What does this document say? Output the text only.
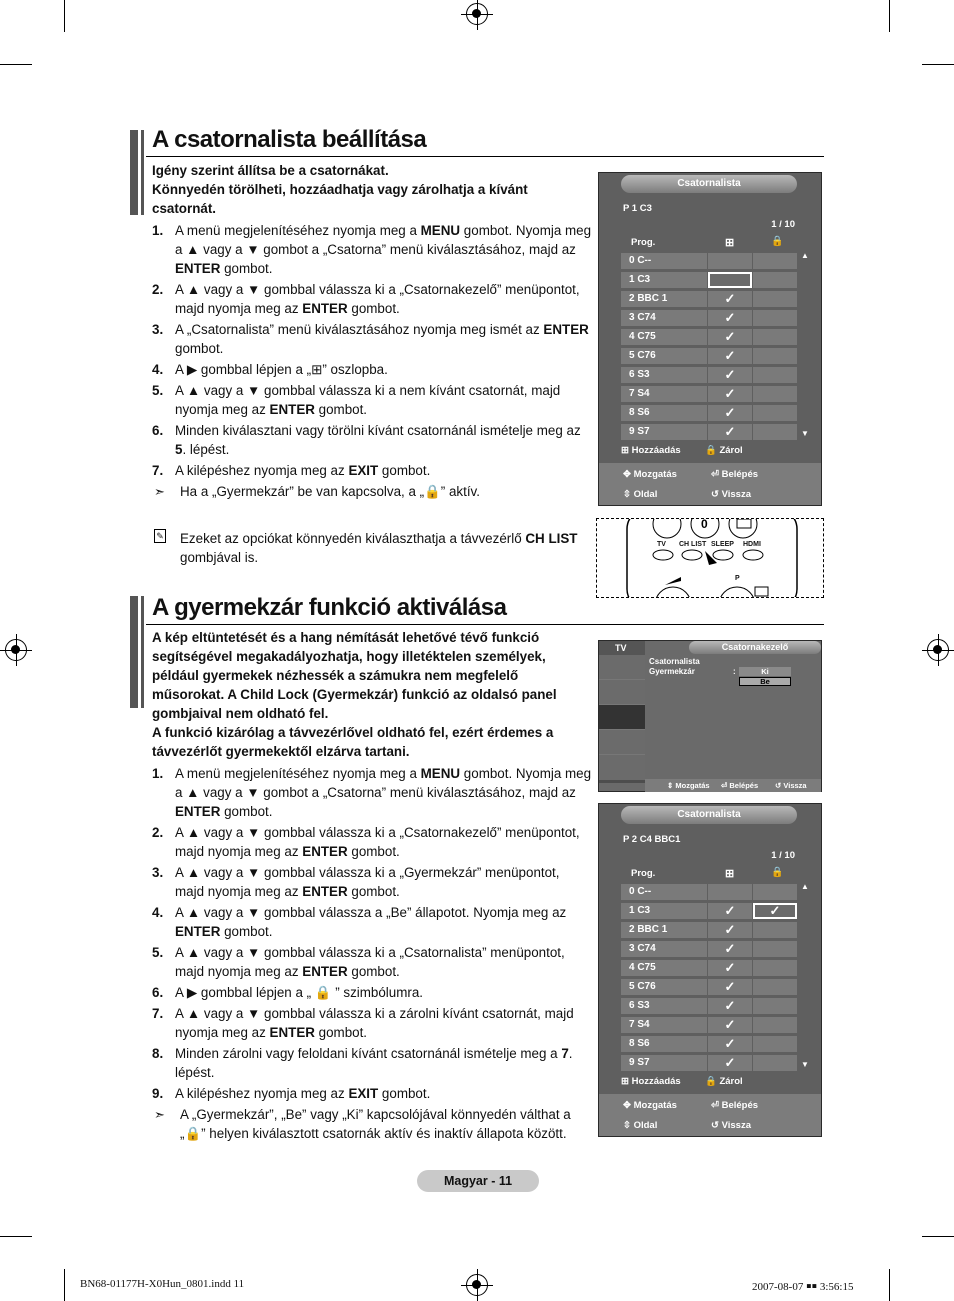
A csatornalista beállítása
Igény szerint állítsa be a csatornákat.
Könnyedén törölheti, hozzáadhatja vagy zárolhatja a kívánt csatornát.
1. A menü megjelenítéséhez nyomja meg a MENU gombot. Nyomja meg a ▲ vagy a ▼ gombot a „Csatorna” menü kiválasztásához, majd az ENTER gombot.
2. A ▲ vagy a ▼ gombbal válassza ki a „Csatornakezelő” menüpontot, majd nyomja meg az ENTER gombot.
3. A „Csatornalista” menü kiválasztásához nyomja meg ismét az ENTER gombot.
4. A ▶ gombbal lépjen a „⊞” oszlopba.
5. A ▲ vagy a ▼ gombbal válassza ki a nem kívánt csatornát, majd nyomja meg az ENTER gombot.
6. Minden kiválasztani vagy törölni kívánt csatornánál ismételje meg az 5. lépést.
7. A kilépéshez nyomja meg az EXIT gombot.
➣ Ha a „Gyermekzár” be van kapcsolva, a „🔒” aktív.
✎ Ezeket az opciókat könnyedén kiválaszthatja a távvezérlő CH LIST gombjával is.
Csatornalista
P 1 C3
1 / 10
Prog.	⊞	🔒
▲
▼
0 C--
1 C3
2 BBC 1	✓
3 C74	✓
4 C75	✓
5 C76	✓
6 S3	✓
7 S4	✓
8 S6	✓
9 S7	✓
⊞ Hozzáadás	🔒 Zárol
✥ Mozgatás	⏎ Belépés
⇳ Oldal	↺ Vissza
0
TV CH LIST SLEEP HDMI
P
A gyermekzár funkció aktiválása
A kép eltüntetését és a hang némítását lehetővé tévő funkció segítségével megakadályozhatja, hogy illetéktelen személyek, például gyermekek nézhessék a számukra nem megfelelő műsorokat. A Child Lock (Gyermekzár) funkció az oldalsó panel gombjaival nem oldható fel.
A funkció kizárólag a távvezérlővel oldható fel, ezért érdemes a távvezérlőt gyermekektől elzárva tartani.
1. A menü megjelenítéséhez nyomja meg a MENU gombot. Nyomja meg a ▲ vagy a ▼ gombot a „Csatorna” menü kiválasztásához, majd az ENTER gombot.
2. A ▲ vagy a ▼ gombbal válassza ki a „Csatornakezelő” menüpontot, majd nyomja meg az ENTER gombot.
3. A ▲ vagy a ▼ gombbal válassza ki a „Gyermekzár” menüpontot, majd nyomja meg az ENTER gombot.
4. A ▲ vagy a ▼ gombbal válassza a „Be” állapotot. Nyomja meg az ENTER gombot.
5. A ▲ vagy a ▼ gombbal válassza ki a „Csatornalista” menüpontot, majd nyomja meg az ENTER gombot.
6. A ▶ gombbal lépjen a „ 🔒 ” szimbólumra.
7. A ▲ vagy a ▼ gombbal válassza ki a zárolni kívánt csatornát, majd nyomja meg az ENTER gombot.
8. Minden zárolni vagy feloldani kívánt csatornánál ismételje meg a 7. lépést.
9. A kilépéshez nyomja meg az EXIT gombot.
➣ A „Gyermekzár”, „Be” vagy „Ki” kapcsolójával könnyedén válthat a „🔒” helyen kiválasztott csatornák aktív és inaktív állapota között.
TV	Csatornakezelő
Csatornalista
Gyermekzár	:	Ki
Be
⇕ Mozgatás ⏎ Belépés ↺ Vissza
Csatornalista
P 2 C4 BBC1
1 / 10
Prog.	⊞	🔒
▲
▼
0 C--
1 C3	✓	✓
2 BBC 1	✓
3 C74	✓
4 C75	✓
5 C76	✓
6 S3	✓
7 S4	✓
8 S6	✓
9 S7	✓
⊞ Hozzáadás	🔒 Zárol
✥ Mozgatás	⏎ Belépés
⇳ Oldal	↺ Vissza
Magyar - 11
BN68-01177H-X0Hun_0801.indd 11	2007-08-07 ￭￭ 3:56:15
